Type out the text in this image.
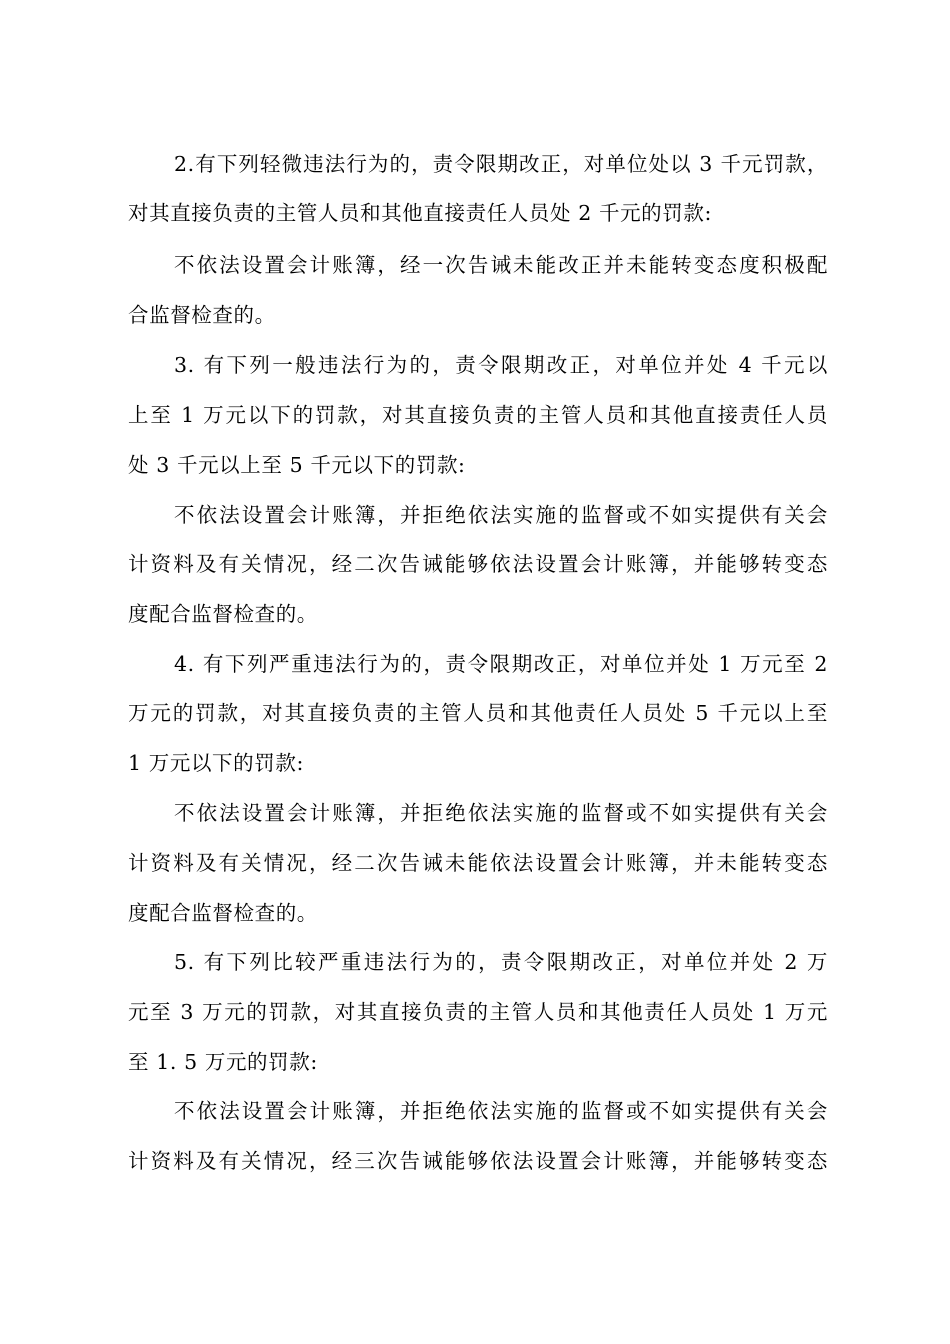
2.有下列轻微违法行为的，责令限期改正，对单位处以 3 千元罚款，
对其直接负责的主管人员和其他直接责任人员处 2 千元的罚款:
不依法设置会计账簿，经一次告诫未能改正并未能转变态度积极配
合监督检查的。
3. 有下列一般违法行为的，责令限期改正，对单位并处 4 千元以
上至 1 万元以下的罚款，对其直接负责的主管人员和其他直接责任人员
处 3 千元以上至 5 千元以下的罚款:
不依法设置会计账簿，并拒绝依法实施的监督或不如实提供有关会
计资料及有关情况，经二次告诫能够依法设置会计账簿，并能够转变态
度配合监督检查的。
4. 有下列严重违法行为的，责令限期改正，对单位并处 1 万元至 2
万元的罚款，对其直接负责的主管人员和其他责任人员处 5 千元以上至
1 万元以下的罚款:
不依法设置会计账簿，并拒绝依法实施的监督或不如实提供有关会
计资料及有关情况，经二次告诫未能依法设置会计账簿，并未能转变态
度配合监督检查的。
5. 有下列比较严重违法行为的，责令限期改正，对单位并处 2 万
元至 3 万元的罚款，对其直接负责的主管人员和其他责任人员处 1 万元
至 1. 5 万元的罚款:
不依法设置会计账簿，并拒绝依法实施的监督或不如实提供有关会
计资料及有关情况，经三次告诫能够依法设置会计账簿，并能够转变态
